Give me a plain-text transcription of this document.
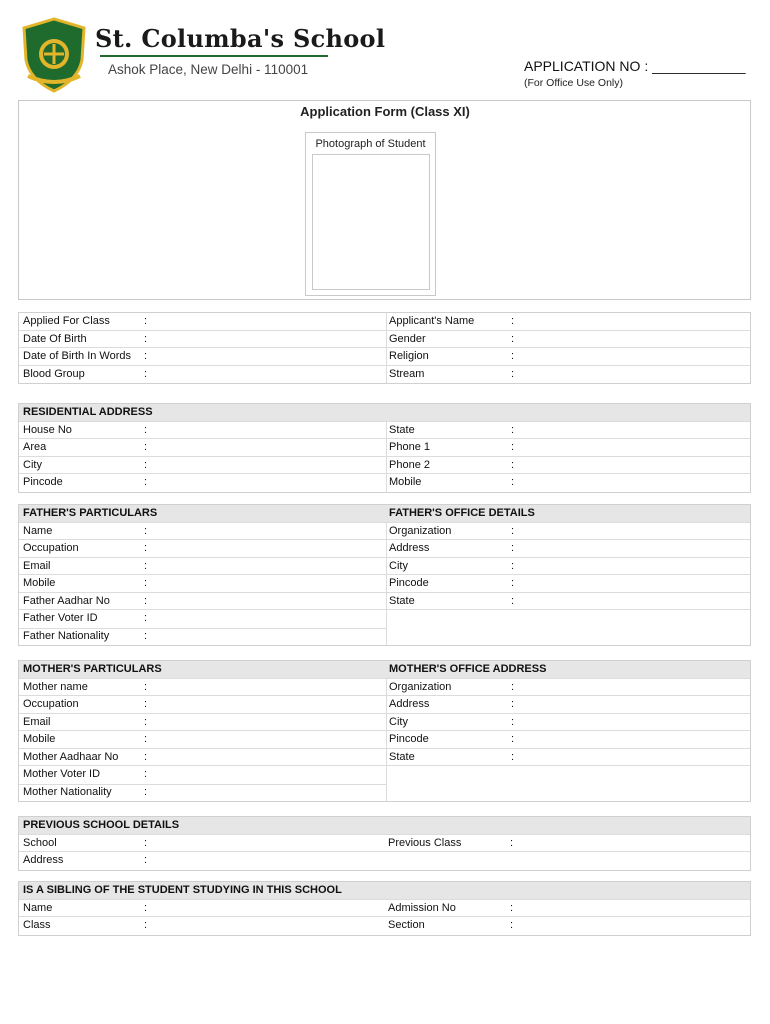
St. Columba's School
Ashok Place, New Delhi - 110001	APPLICATION NO : ____________
(For Office Use Only)
Application Form (Class XI)
Photograph of Student
Applied For Class	:	Applicant's Name	:
Date Of Birth	:	Gender	:
Date of Birth In Words :	Religion	:
Blood Group	:	Stream	:
RESIDENTIAL ADDRESS
House No	:	State	:
Area	:	Phone 1	:
City	:	Phone 2	:
Pincode	:	Mobile	:
FATHER'S PARTICULARS	FATHER'S OFFICE DETAILS
Name	:	Organization	:
Occupation	:	Address	:
Email	:	City	:
Mobile	:	Pincode	:
Father Aadhar No	:	State	:
Father Voter ID	:
Father Nationality	:
MOTHER'S PARTICULARS	MOTHER'S OFFICE ADDRESS
Mother name	:	Organization	:
Occupation	:	Address	:
Email	:	City	:
Mobile	:	Pincode	:
Mother Aadhaar No :	State	:
Mother Voter ID	:
Mother Nationality	:
PREVIOUS SCHOOL DETAILS
School	:	Previous Class	:
Address	:
IS A SIBLING OF THE STUDENT STUDYING IN THIS SCHOOL
Name	:	Admission No	:
Class	:	Section	:
